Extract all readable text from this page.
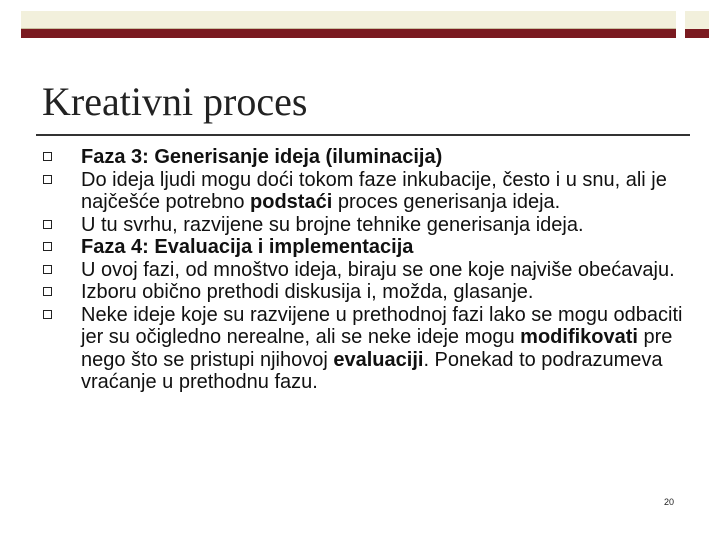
Kreativni proces
Faza 3: Generisanje ideja (iluminacija)
Do ideja ljudi mogu doći tokom faze inkubacije, često i u snu, ali je najčešće potrebno podstaći proces generisanja ideja.
U tu svrhu, razvijene su brojne tehnike generisanja ideja.
Faza 4: Evaluacija i implementacija
U ovoj fazi, od mnoštvo ideja, biraju se one koje najviše obećavaju.
Izboru obično prethodi diskusija i, možda, glasanje.
Neke ideje koje su razvijene u prethodnoj fazi lako se mogu odbaciti jer su očigledno nerealne, ali se neke ideje mogu modifikovati pre nego što se pristupi njihovoj evaluaciji. Ponekad to podrazumeva vraćanje u prethodnu fazu.
20
